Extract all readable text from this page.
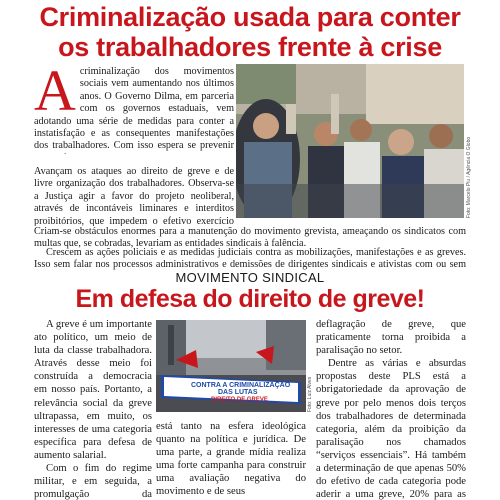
Criminalização usada para conter
os trabalhadores frente à crise
A criminalização dos movimentos sociais vem aumentando nos últimos anos. O Governo Dilma, em parceria com os governos estaduais, vem adotando uma série de medidas para conter a instatisfação e as consequentes manifestações dos trabalhadores. Com isso espera se prevenir
Avançam os ataques ao direito de greve e de livre organização dos trabalhadores. Observa-se a Justiça agir a favor do projeto neoliberal, através de incontáveis liminares e interditos proibitórios, que impedem o efetivo exercício
Foto: Marcelo Piu / Agência O Globo
Criam-se obstáculos enormes para a manutenção do movimento grevista, ameaçando os sindicatos com multas que, se cobradas, levariam as entidades sindicais à falência.
Crescem as ações policiais e as medidas judiciais contra as mobilizações, manifestações e as greves. Isso sem falar nos processos administrativos e demissões de dirigentes sindicais e ativistas com ou sem
MOVIMENTO SINDICAL
Em defesa do direito de greve!
A greve é um importante ato político, um meio de luta da classe trabalhadora. Através desse meio foi construída a democracia em nosso país. Portanto, a relevância social da greve ultrapassa, em muito, os interesses de uma categoria específica para defesa de aumento salarial.
Com o fim do regime militar, e em seguida, a promulgação da
CONTRA A CRIMINALIZAÇÃO
DAS LUTAS
DIREITO DE GREVE	Foto: Luiz Alves
está tanto na esfera ideológica quanto na política e jurídica. De uma parte, a grande mídia realiza uma forte campanha para construir uma avaliação negativa do movimento e de seus
deflagração de greve, que praticamente torna proibida a paralisação no setor.
Dentre as várias e absurdas propostas deste PLS está a obrigatoriedade da aprovação de greve por pelo menos dois terços dos trabalhadores de determinada categoria, além da proibição da paralisação nos chamados “serviços essenciais”. Há também a determinação de que apenas 50% do efetivo de cada categoria pode aderir a uma greve, 20% para as
